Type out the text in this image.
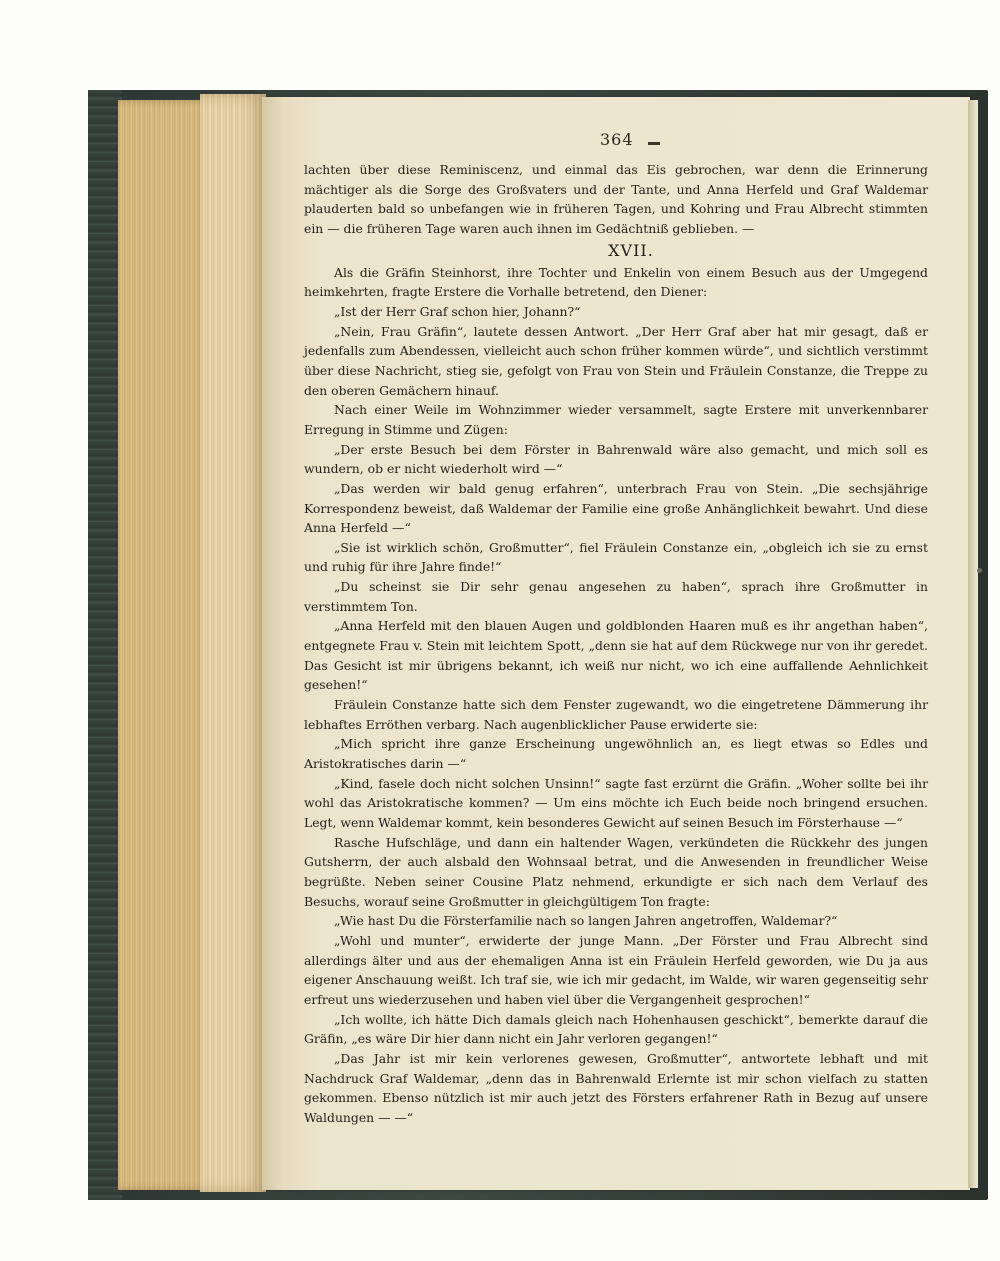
364

lachten über diese Reminiscenz, und einmal das Eis gebrochen, war denn die Erinnerung mächtiger als die Sorge des Großvaters und der Tante, und Anna Herfeld und Graf Waldemar plauderten bald so unbefangen wie in früheren Tagen, und Kohring und Frau Albrecht stimmten ein — die früheren Tage waren auch ihnen im Gedächtniß geblieben. —

XVII.

Als die Gräfin Steinhorst, ihre Tochter und Enkelin von einem Besuch aus der Umgegend heimkehrten, fragte Erstere die Vorhalle betretend, den Diener:

„Ist der Herr Graf schon hier, Johann?“

„Nein, Frau Gräfin“, lautete dessen Antwort. „Der Herr Graf aber hat mir gesagt, daß er jedenfalls zum Abendessen, vielleicht auch schon früher kommen würde“, und sichtlich verstimmt über diese Nachricht, stieg sie, gefolgt von Frau von Stein und Fräulein Constanze, die Treppe zu den oberen Gemächern hinauf.

Nach einer Weile im Wohnzimmer wieder versammelt, sagte Erstere mit unverkennbarer Erregung in Stimme und Zügen:

„Der erste Besuch bei dem Förster in Bahrenwald wäre also gemacht, und mich soll es wundern, ob er nicht wiederholt wird —“

„Das werden wir bald genug erfahren“, unterbrach Frau von Stein. „Die sechsjährige Korrespondenz beweist, daß Waldemar der Familie eine große Anhänglichkeit bewahrt. Und diese Anna Herfeld —“

„Sie ist wirklich schön, Großmutter“, fiel Fräulein Constanze ein, „obgleich ich sie zu ernst und ruhig für ihre Jahre finde!“

„Du scheinst sie Dir sehr genau angesehen zu haben“, sprach ihre Großmutter in verstimmtem Ton.

„Anna Herfeld mit den blauen Augen und goldblonden Haaren muß es ihr angethan haben“, entgegnete Frau v. Stein mit leichtem Spott, „denn sie hat auf dem Rückwege nur von ihr geredet. Das Gesicht ist mir übrigens bekannt, ich weiß nur nicht, wo ich eine auffallende Aehnlichkeit gesehen!“

Fräulein Constanze hatte sich dem Fenster zugewandt, wo die eingetretene Dämmerung ihr lebhaftes Erröthen verbarg. Nach augenblicklicher Pause erwiderte sie:

„Mich spricht ihre ganze Erscheinung ungewöhnlich an, es liegt etwas so Edles und Aristokratisches darin —“

„Kind, fasele doch nicht solchen Unsinn!“ sagte fast erzürnt die Gräfin. „Woher sollte bei ihr wohl das Aristokratische kommen? — Um eins möchte ich Euch beide noch bringend ersuchen. Legt, wenn Waldemar kommt, kein besonderes Gewicht auf seinen Besuch im Försterhause —“

Rasche Hufschläge, und dann ein haltender Wagen, verkündeten die Rückkehr des jungen Gutsherrn, der auch alsbald den Wohnsaal betrat, und die Anwesenden in freundlicher Weise begrüßte. Neben seiner Cousine Platz nehmend, erkundigte er sich nach dem Verlauf des Besuchs, worauf seine Großmutter in gleichgültigem Ton fragte:

„Wie hast Du die Försterfamilie nach so langen Jahren angetroffen, Waldemar?“

„Wohl und munter“, erwiderte der junge Mann. „Der Förster und Frau Albrecht sind allerdings älter und aus der ehemaligen Anna ist ein Fräulein Herfeld geworden, wie Du ja aus eigener Anschauung weißt. Ich traf sie, wie ich mir gedacht, im Walde, wir waren gegenseitig sehr erfreut uns wiederzusehen und haben viel über die Vergangenheit gesprochen!“

„Ich wollte, ich hätte Dich damals gleich nach Hohenhausen geschickt“, bemerkte darauf die Gräfin, „es wäre Dir hier dann nicht ein Jahr verloren gegangen!“

„Das Jahr ist mir kein verlorenes gewesen, Großmutter“, antwortete lebhaft und mit Nachdruck Graf Waldemar, „denn das in Bahrenwald Erlernte ist mir schon vielfach zu statten gekommen. Ebenso nützlich ist mir auch jetzt des Försters erfahrener Rath in Bezug auf unsere Waldungen — —“
